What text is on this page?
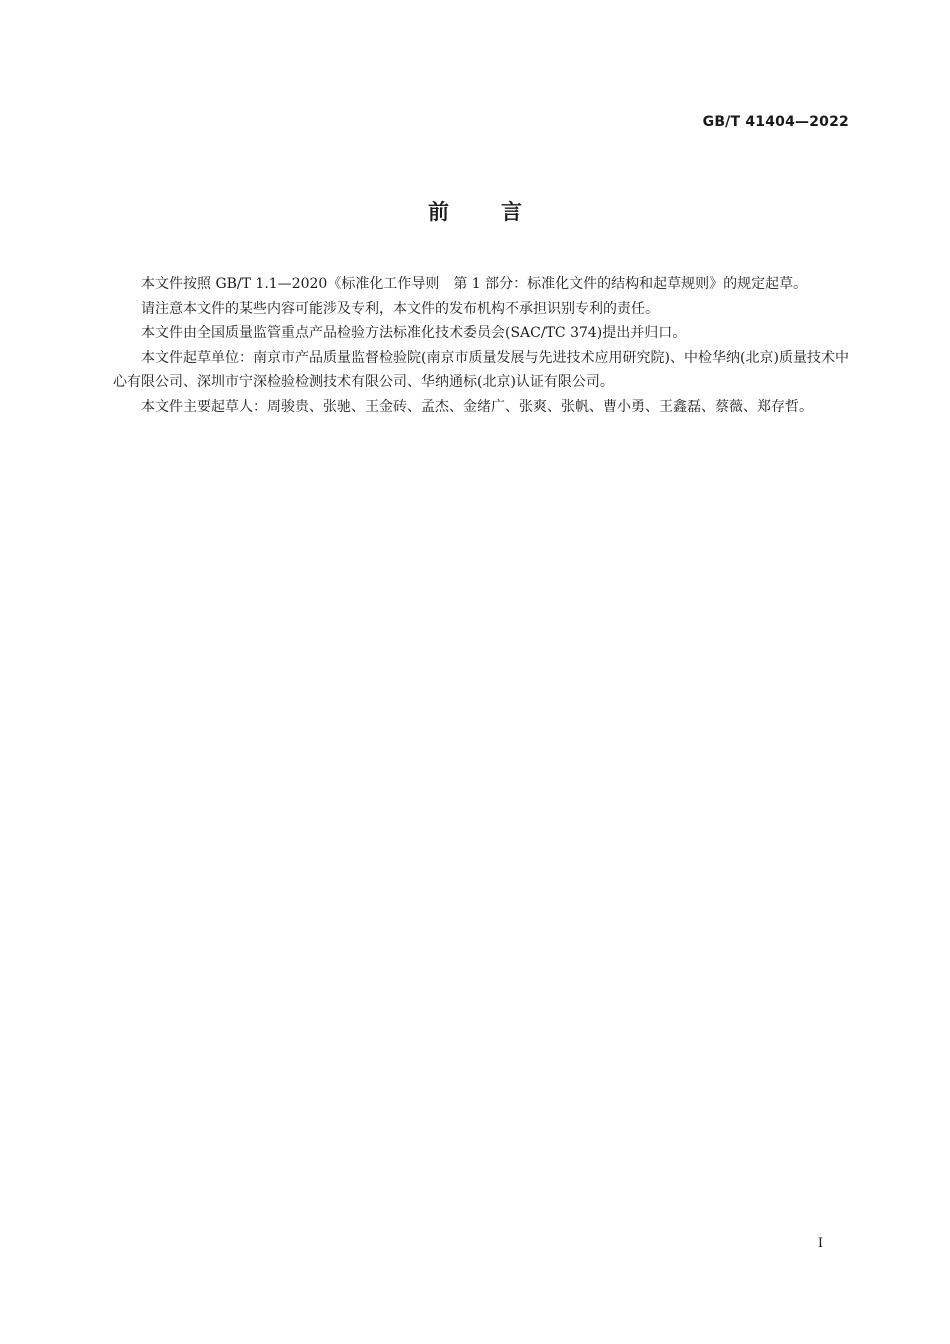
GB/T 41404—2022
前 言

本文件按照 GB/T 1.1—2020《标准化工作导则　第 1 部分：标准化文件的结构和起草规则》的规定起草。

请注意本文件的某些内容可能涉及专利，本文件的发布机构不承担识别专利的责任。

本文件由全国质量监管重点产品检验方法标准化技术委员会(SAC/TC 374)提出并归口。

本文件起草单位：南京市产品质量监督检验院(南京市质量发展与先进技术应用研究院)、中检华纳(北京)质量技术中心有限公司、深圳市宁深检验检测技术有限公司、华纳通标(北京)认证有限公司。

本文件主要起草人：周骏贵、张驰、王金砖、孟杰、金绪广、张爽、张帆、曹小勇、王鑫磊、蔡薇、郑存哲。

I
